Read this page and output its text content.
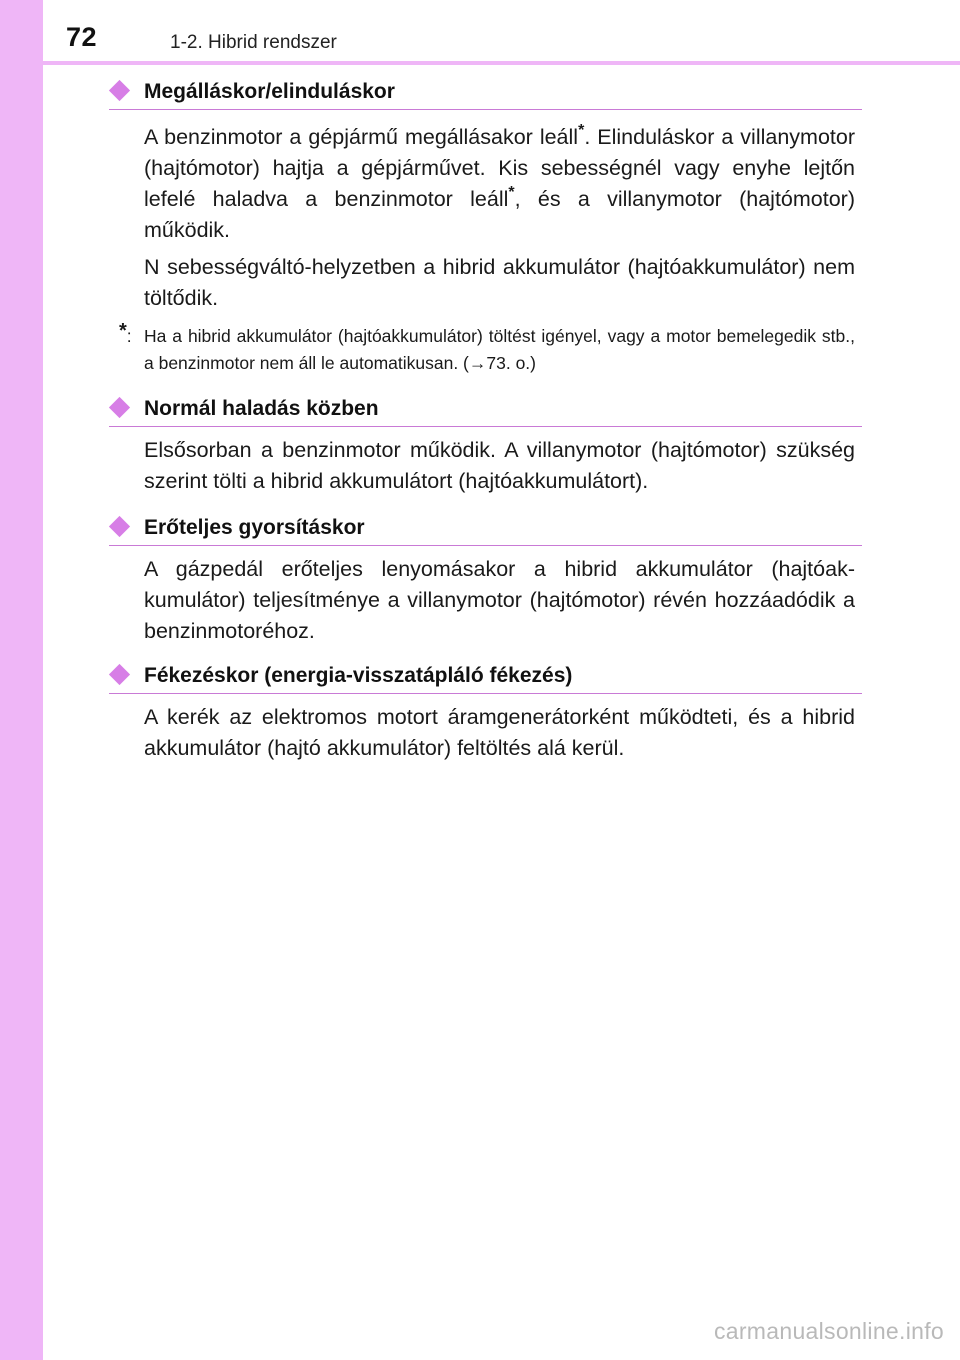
72	1-2. Hibrid rendszer
Megálláskor/elinduláskor
A benzinmotor a gépjármű megállásakor leáll*. Elinduláskor a villanymotor (hajtómotor) hajtja a gépjárművet. Kis sebességnél vagy enyhe lejtőn lefelé haladva a benzinmotor leáll*, és a villanymotor (hajtómotor) működik.
N sebességváltó-helyzetben a hibrid akkumulátor (hajtóakkumulátor) nem töltődik.
*: Ha a hibrid akkumulátor (hajtóakkumulátor) töltést igényel, vagy a motor bemelegedik stb., a benzinmotor nem áll le automatikusan. (→73. o.)
Normál haladás közben
Elsősorban a benzinmotor működik. A villanymotor (hajtómotor) szükség szerint tölti a hibrid akkumulátort (hajtóakkumulátort).
Erőteljes gyorsításkor
A gázpedál erőteljes lenyomásakor a hibrid akkumulátor (hajtóakkumulátor) teljesítménye a villanymotor (hajtómotor) révén hozzáadódik a benzinmotoréhoz.
Fékezéskor (energia-visszatápláló fékezés)
A kerék az elektromos motort áramgenerátorként működteti, és a hibrid akkumulátor (hajtó akkumulátor) feltöltés alá kerül.
carmanualsonline.info
